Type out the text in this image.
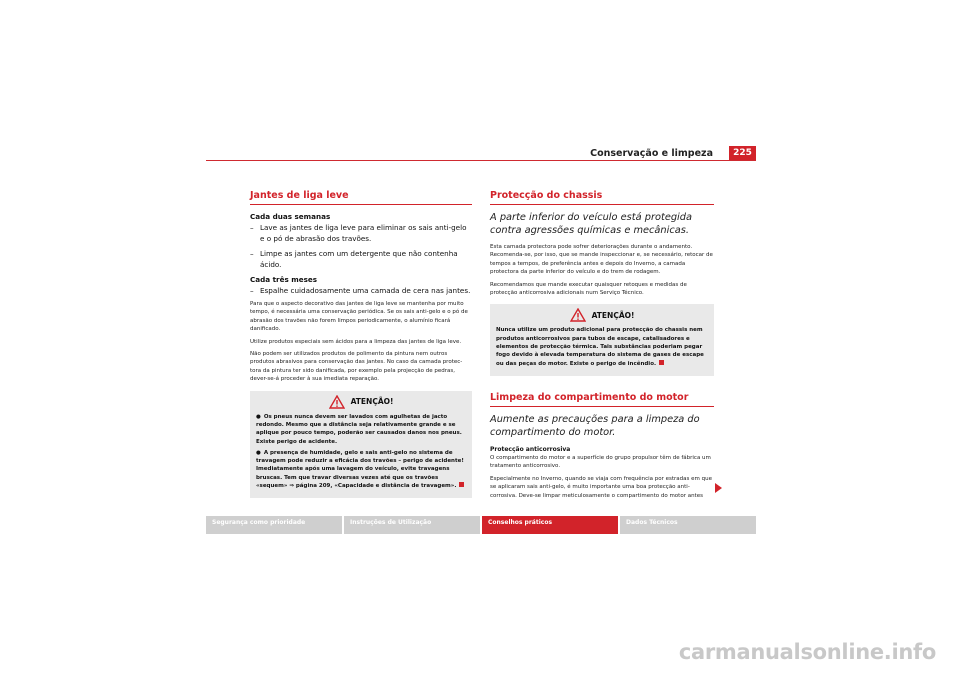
Conservação e limpeza	225
Jantes de liga leve
Cada duas semanas
– Lave as jantes de liga leve para eliminar os sais anti-gelo e o pó de abrasão dos travões.
– Limpe as jantes com um detergente que não contenha ácido.
Cada três meses
– Espalhe cuidadosamente uma camada de cera nas jantes.

Para que o aspecto decorativo das jantes de liga leve se mantenha por muito tempo, é necessária uma conservação periódica. Se os sais anti-gelo e o pó de abrasão dos travões não forem limpos periodicamente, o alumínio ficará danificado.

Utilize produtos especiais sem ácidos para a limpeza das jantes de liga leve.

Não podem ser utilizados produtos de polimento da pintura nem outros produtos abrasivos para conservação das jantes. No caso da camada protec-tora da pintura ter sido danificada, por exemplo pela projecção de pedras, dever-se-á proceder à sua imediata reparação.

ATENÇÃO!

● Os pneus nunca devem ser lavados com agulhetas de jacto redondo. Mesmo que a distância seja relativamente grande e se aplique por pouco tempo, poderão ser causados danos nos pneus. Existe perigo de acidente.

● A presença de humidade, gelo e sais anti-gelo no sistema de travagem pode reduzir a eficácia dos travões – perigo de acidente! Imediatamente após uma lavagem do veículo, evite travagens bruscas. Tem que travar diversas vezes até que os travões «sequem» ⇒ página 209, «Capacidade e distância de travagem».

Protecção do chassis

A parte inferior do veículo está protegida contra agressões químicas e mecânicas.

Esta camada protectora pode sofrer deteriorações durante o andamento. Recomenda-se, por isso, que se mande inspeccionar e, se necessário, retocar de tempos a tempos, de preferência antes e depois do Inverno, a camada protectora da parte inferior do veículo e do trem de rodagem.

Recomendamos que mande executar quaisquer retoques e medidas de protecção anticorrosiva adicionais num Serviço Técnico.

ATENÇÃO!

Nunca utilize um produto adicional para protecção do chassis nem produtos anticorrosivos para tubos de escape, catalisadores e elementos de protecção térmica. Tais substâncias poderiam pegar fogo devido à elevada temperatura do sistema de gases de escape ou das peças do motor. Existe o perigo de incêndio.

Limpeza do compartimento do motor

Aumente as precauções para a limpeza do compartimento do motor.

Protecção anticorrosiva

O compartimento do motor e a superfície do grupo propulsor têm de fábrica um tratamento anticorrosivo.

Especialmente no Inverno, quando se viaja com frequência por estradas em que se aplicaram sais anti-gelo, é muito importante uma boa protecção anti-corrosiva. Deve-se limpar meticulosamente o compartimento do motor antes

Segurança como prioridade	Instruções de Utilização	Conselhos práticos	Dados Técnicos
carmanualsonline.info
